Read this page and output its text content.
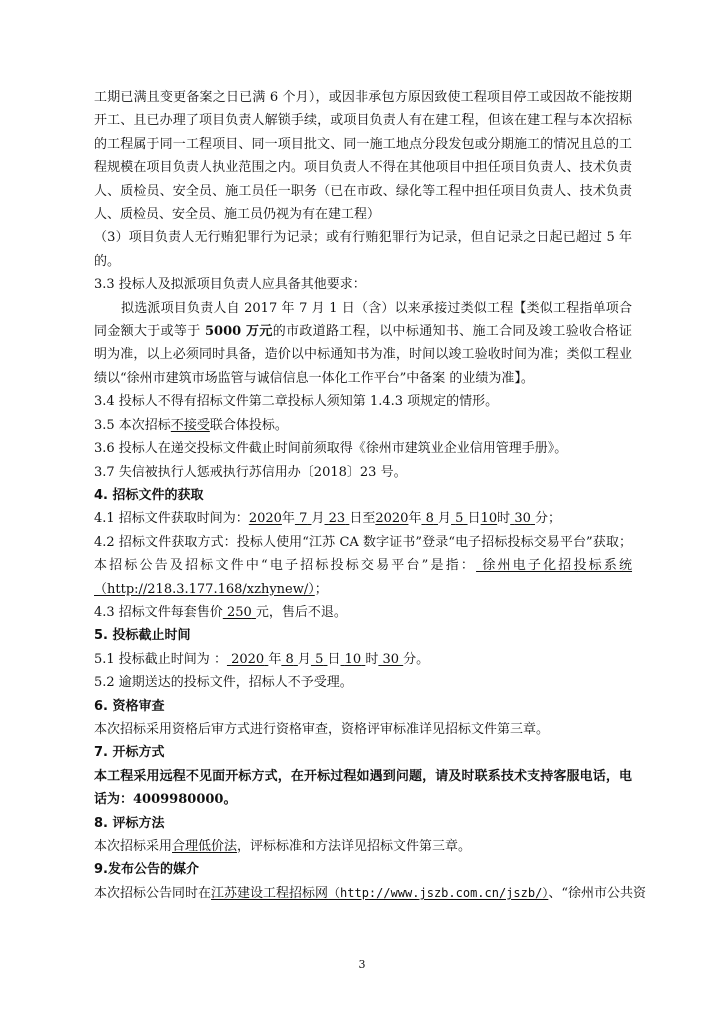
工期已满且变更备案之日已满 6 个月），或因非承包方原因致使工程项目停工或因故不能按期开工、且已办理了项目负责人解锁手续，或项目负责人有在建工程，但该在建工程与本次招标的工程属于同一工程项目、同一项目批文、同一施工地点分段发包或分期施工的情况且总的工程规模在项目负责人执业范围之内。项目负责人不得在其他项目中担任项目负责人、技术负责人、质检员、安全员、施工员任一职务（已在市政、绿化等工程中担任项目负责人、技术负责人、质检员、安全员、施工员仍视为有在建工程）

（3）项目负责人无行贿犯罪行为记录；或有行贿犯罪行为记录，但自记录之日起已超过 5 年的。

3.3 投标人及拟派项目负责人应具备其他要求：

拟选派项目负责人自 2017 年 7 月 1 日（含）以来承接过类似工程【类似工程指单项合同金额大于或等于 5000 万元的市政道路工程，以中标通知书、施工合同及竣工验收合格证明为准，以上必须同时具备，造价以中标通知书为准，时间以竣工验收时间为准；类似工程业绩以“徐州市建筑市场监管与诚信信息一体化工作平台”中备案 的业绩为准】。

3.4 投标人不得有招标文件第二章投标人须知第 1.4.3 项规定的情形。

3.5 本次招标不接受联合体投标。

3.6 投标人在递交投标文件截止时间前须取得《徐州市建筑业企业信用管理手册》。

3.7 失信被执行人惩戒执行苏信用办〔2018〕23 号。

4. 招标文件的获取

4.1 招标文件获取时间为：2020年 7 月 23 日至2020年 8 月 5 日10时 30 分；

4.2 招标文件获取方式：投标人使用“江苏 CA 数字证书”登录“电子招标投标交易平台”获取；本招标公告及招标文件中“电子招标投标交易平台”是指： 徐州电子化招投标系统（http://218.3.177.168/xzhynew/）；

4.3 招标文件每套售价 250 元，售后不退。

5. 投标截止时间

5.1 投标截止时间为 ： 2020 年 8 月 5 日 10 时 30 分。

5.2 逾期送达的投标文件，招标人不予受理。

6. 资格审查

本次招标采用资格后审方式进行资格审查，资格评审标准详见招标文件第三章。

7. 开标方式

本工程采用远程不见面开标方式，在开标过程如遇到问题，请及时联系技术支持客服电话，电话为：4009980000。

8. 评标方法

本次招标采用合理低价法，评标标准和方法详见招标文件第三章。

9.发布公告的媒介

本次招标公告同时在江苏建设工程招标网（http://www.jszb.com.cn/jszb/）、“徐州市公共资

3
